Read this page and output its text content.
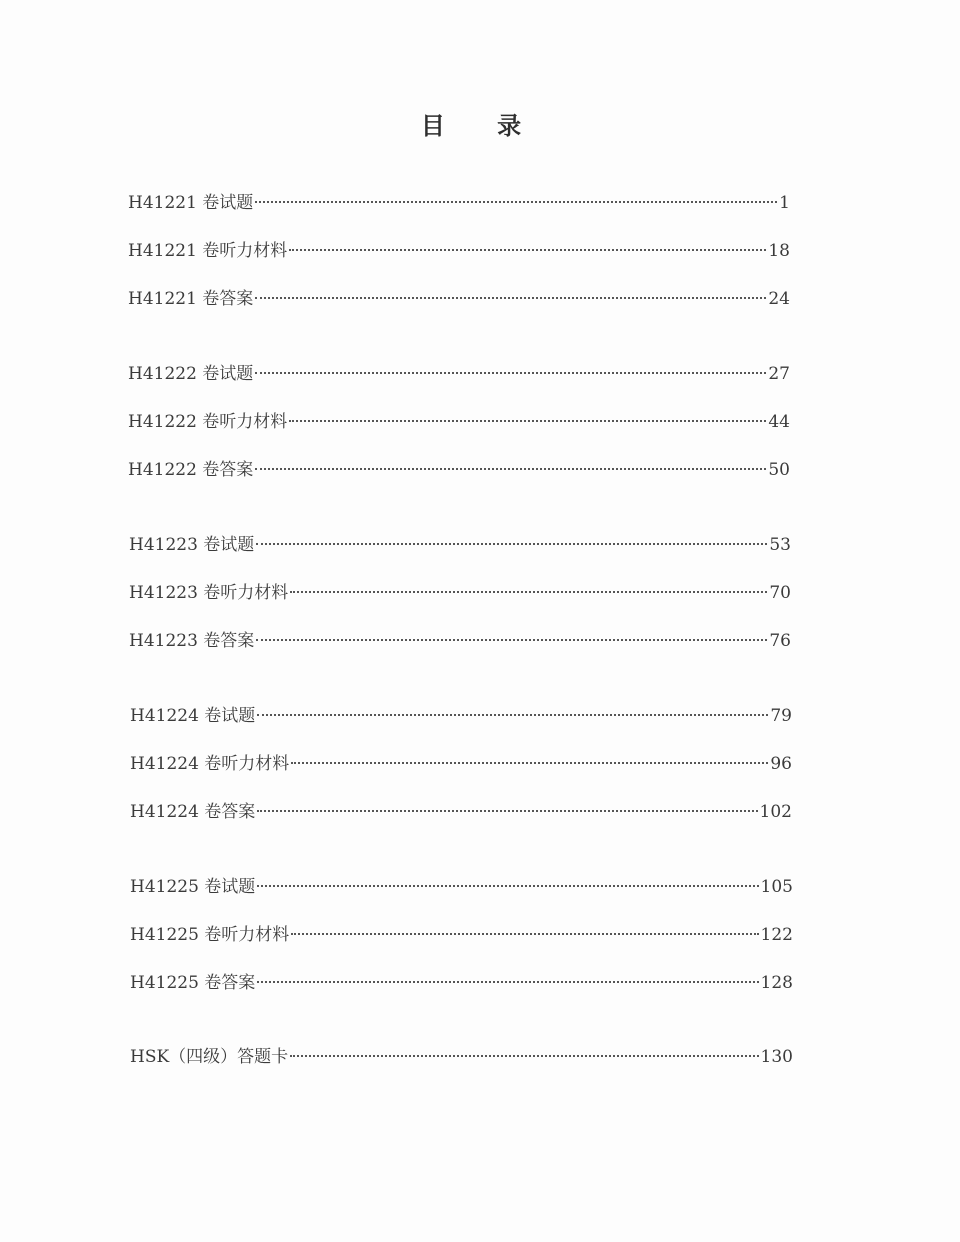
目 录
H41221 卷试题	1
H41221 卷听力材料	18
H41221 卷答案	24
H41222 卷试题	27
H41222 卷听力材料	44
H41222 卷答案	50
H41223 卷试题	53
H41223 卷听力材料	70
H41223 卷答案	76
H41224 卷试题	79
H41224 卷听力材料	96
H41224 卷答案	102
H41225 卷试题	105
H41225 卷听力材料	122
H41225 卷答案	128
HSK（四级）答题卡	130
